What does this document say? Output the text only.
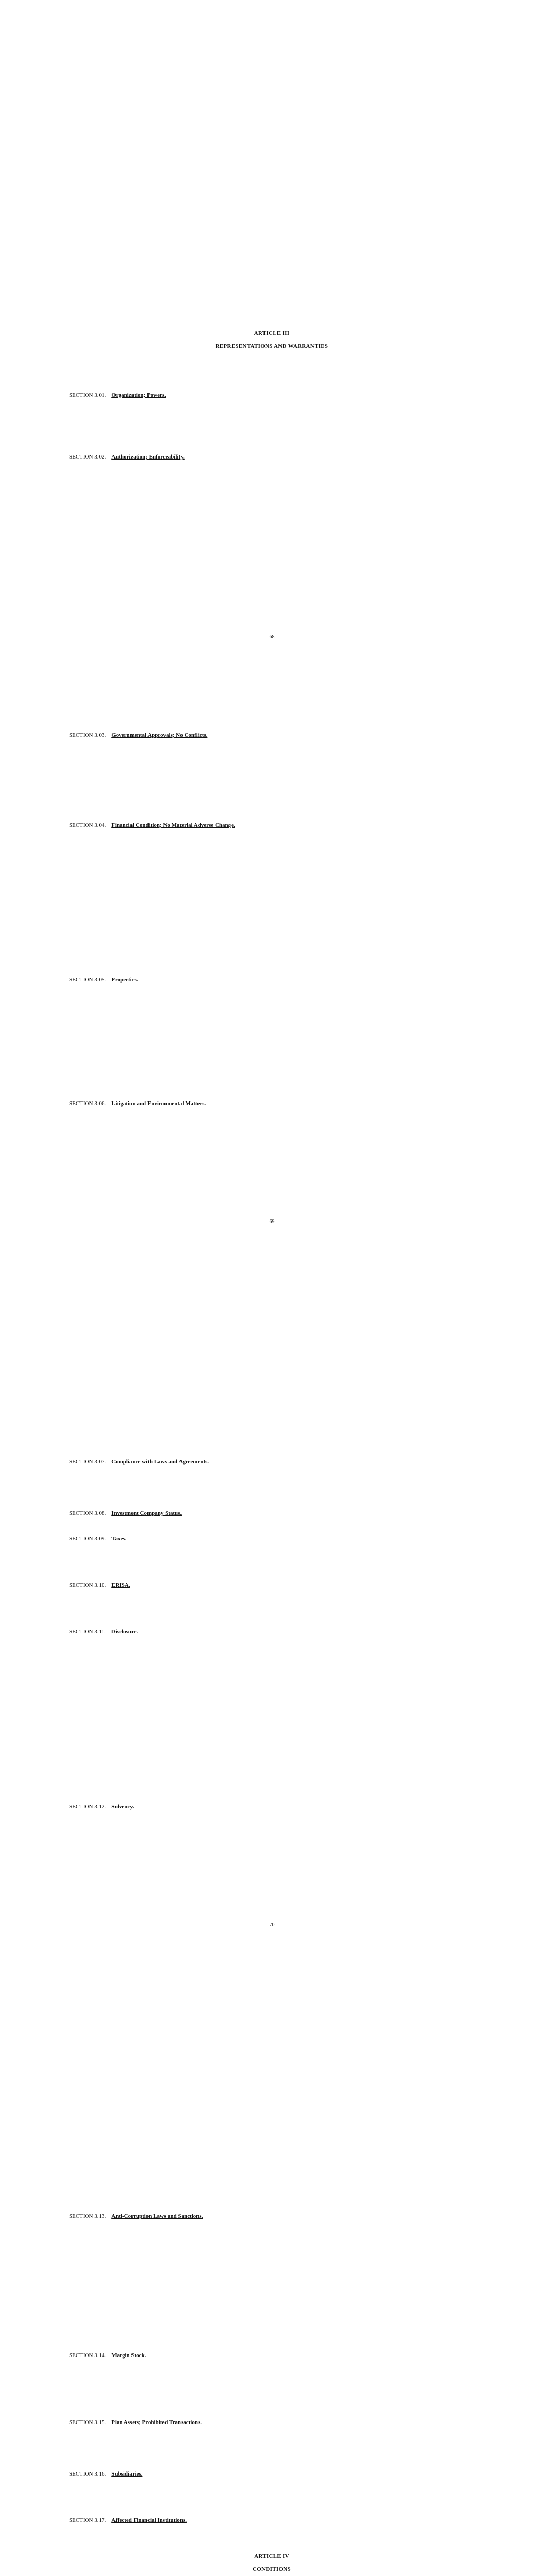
ARTICLE III
REPRESENTATIONS AND WARRANTIES

SECTION 3.01. Organization; Powers.

SECTION 3.02. Authorization; Enforceability.

68

SECTION 3.03. Governmental Approvals; No Conflicts.

SECTION 3.04. Financial Condition; No Material Adverse Change.

SECTION 3.05. Properties.

SECTION 3.06. Litigation and Environmental Matters.

69

SECTION 3.07. Compliance with Laws and Agreements.

SECTION 3.08. Investment Company Status.

SECTION 3.09. Taxes.

SECTION 3.10. ERISA.

SECTION 3.11. Disclosure.

SECTION 3.12. Solvency.

70

SECTION 3.13. Anti-Corruption Laws and Sanctions.

SECTION 3.14. Margin Stock.

SECTION 3.15. Plan Assets; Prohibited Transactions.

SECTION 3.16. Subsidiaries.

SECTION 3.17. Affected Financial Institutions.

ARTICLE IV
CONDITIONS
